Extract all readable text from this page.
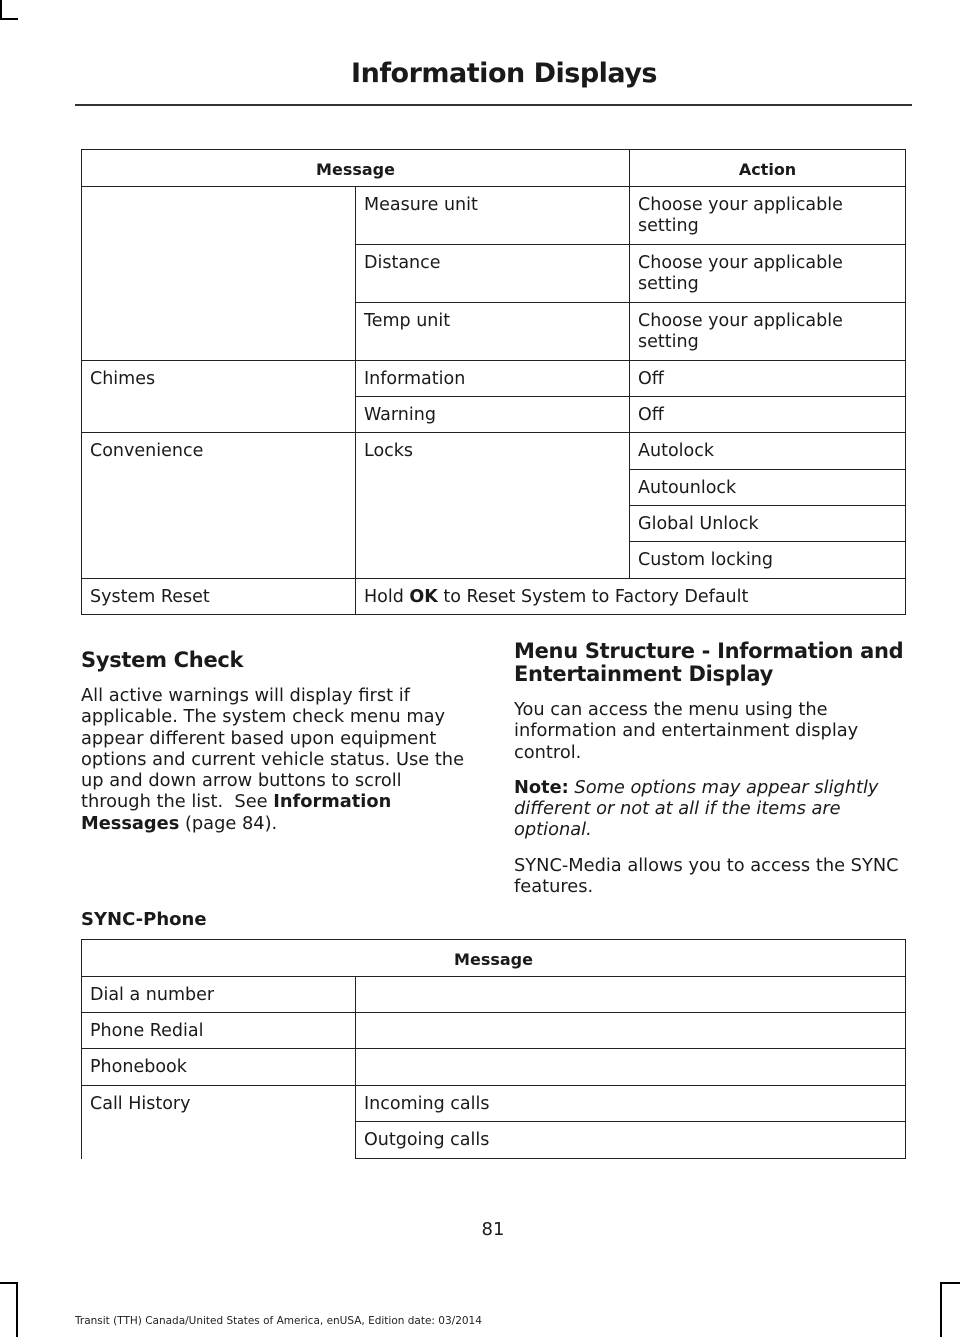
Information Displays
Message		Action
	Measure unit	Choose your applicable setting
	Distance	Choose your applicable setting
	Temp unit	Choose your applicable setting
Chimes	Information	Off
	Warning	Off
Convenience	Locks	Autolock
		Autounlock
		Global Unlock
		Custom locking
System Reset	Hold OK to Reset System to Factory Default	
System Check

All active warnings will display first if applicable. The system check menu may appear different based upon equipment options and current vehicle status. Use the up and down arrow buttons to scroll through the list.  See Information Messages (page 84).

Menu Structure - Information and Entertainment Display

You can access the menu using the information and entertainment display control.

Note: Some options may appear slightly different or not at all if the items are optional.

SYNC-Media allows you to access the SYNC features.

SYNC-Phone
Message	
Dial a number	
Phone Redial	
Phonebook	
Call History	Incoming calls
	Outgoing calls
81
Transit (TTH) Canada/United States of America, enUSA, Edition date: 03/2014
